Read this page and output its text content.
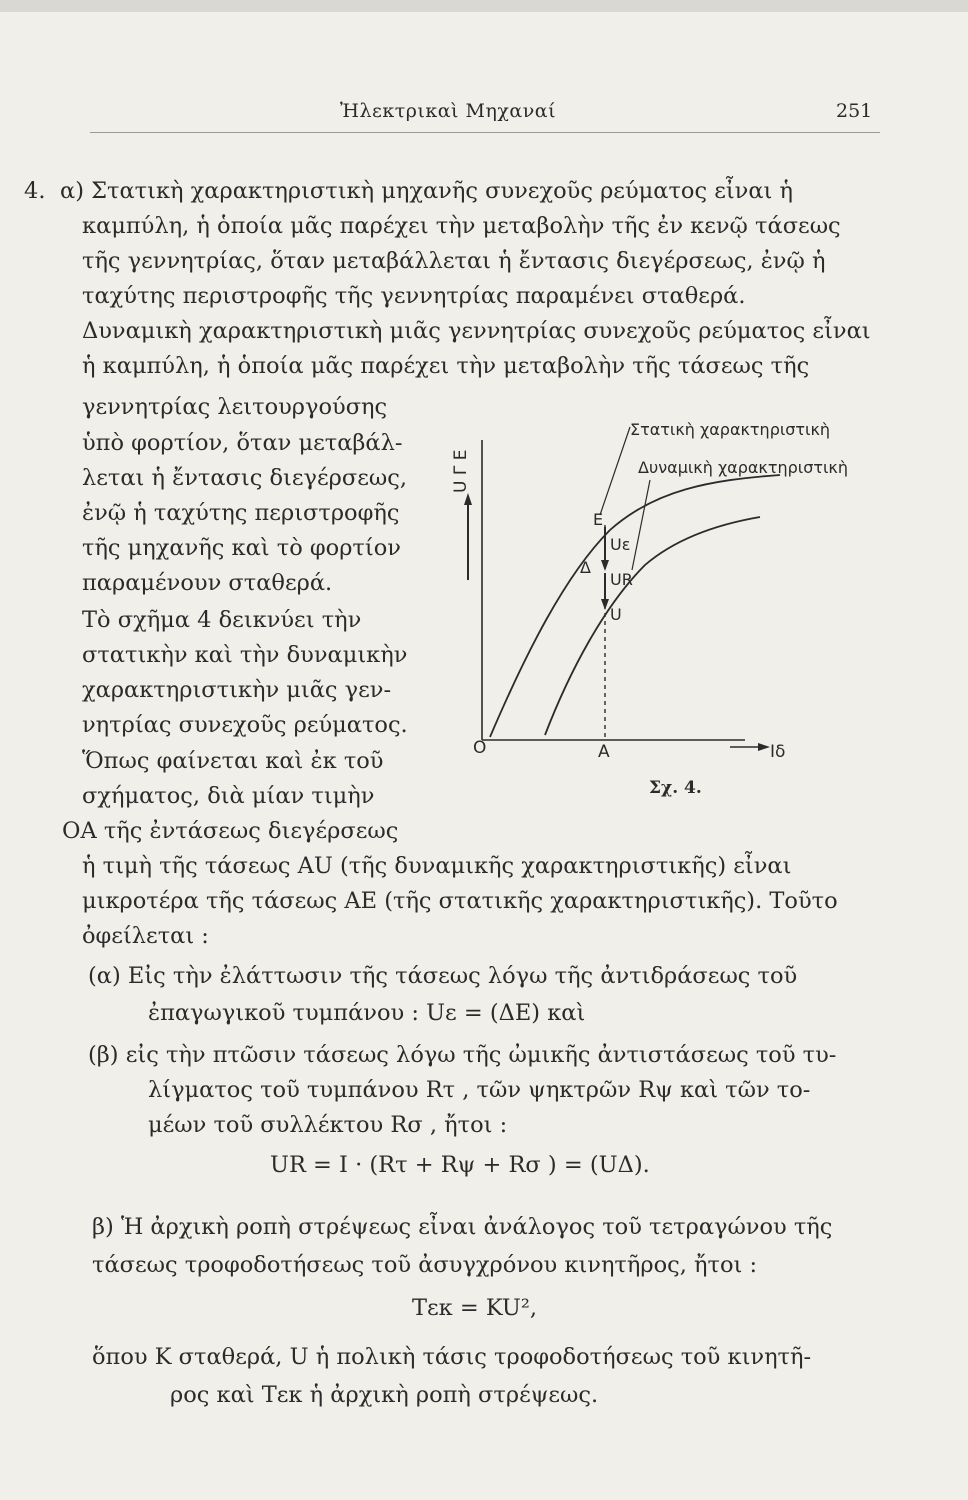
Ἠλεκτρικαὶ Μηχαναί	251
4. α) Στατικὴ χαρακτηριστικὴ μηχανῆς συνεχοῦς ρεύματος εἶναι ἡ
καμπύλη, ἡ ὁποία μᾶς παρέχει τὴν μεταβολὴν τῆς ἐν κενῷ τάσεως
τῆς γεννητρίας, ὅταν μεταβάλλεται ἡ ἔντασις διεγέρσεως, ἐνῷ ἡ
ταχύτης περιστροφῆς τῆς γεννητρίας παραμένει σταθερά.
Δυναμικὴ χαρακτηριστικὴ μιᾶς γεννητρίας συνεχοῦς ρεύματος εἶναι
ἡ καμπύλη, ἡ ὁποία μᾶς παρέχει τὴν μεταβολὴν τῆς τάσεως τῆς
γεννητρίας λειτουργούσης
ὑπὸ φορτίον, ὅταν μεταβάλ-
λεται ἡ ἔντασις διεγέρσεως,
ἐνῷ ἡ ταχύτης περιστροφῆς
τῆς μηχανῆς καὶ τὸ φορτίον
παραμένουν σταθερά.
Τὸ σχῆμα 4 δεικνύει τὴν
στατικὴν καὶ τὴν δυναμικὴν
χαρακτηριστικὴν μιᾶς γεν-
νητρίας συνεχοῦς ρεύματος.
Ὅπως φαίνεται καὶ ἐκ τοῦ
σχήματος, διὰ μίαν τιμὴν
ΟΑ τῆς ἐντάσεως διεγέρσεως
U Γ E
Iδ
O
Στατικὴ χαρακτηριστικὴ
Δυναμικὴ χαρακτηριστικὴ
E
Δ
Uε
UR
U
A
Σχ. 4.
ἡ τιμὴ τῆς τάσεως ΑU (τῆς δυναμικῆς χαρακτηριστικῆς) εἶναι
μικροτέρα τῆς τάσεως ΑΕ (τῆς στατικῆς χαρακτηριστικῆς). Τοῦτο
ὀφείλεται :
(α) Εἰς τὴν ἐλάττωσιν τῆς τάσεως λόγω τῆς ἀντιδράσεως τοῦ
ἐπαγωγικοῦ τυμπάνου : Uε = (ΔΕ) καὶ
(β) εἰς τὴν πτῶσιν τάσεως λόγω τῆς ὠμικῆς ἀντιστάσεως τοῦ τυ-
λίγματος τοῦ τυμπάνου Rτ , τῶν ψηκτρῶν Rψ καὶ τῶν το-
μέων τοῦ συλλέκτου Rσ , ἤτοι :
UR = I · (Rτ + Rψ + Rσ ) = (UΔ).
β) Ἡ ἀρχικὴ ροπὴ στρέψεως εἶναι ἀνάλογος τοῦ τετραγώνου τῆς
τάσεως τροφοδοτήσεως τοῦ ἀσυγχρόνου κινητῆρος, ἤτοι :
Tεκ = KU²,
ὅπου K σταθερά, U ἡ πολικὴ τάσις τροφοδοτήσεως τοῦ κινητῆ-
ρος καὶ Tεκ ἡ ἀρχικὴ ροπὴ στρέψεως.
